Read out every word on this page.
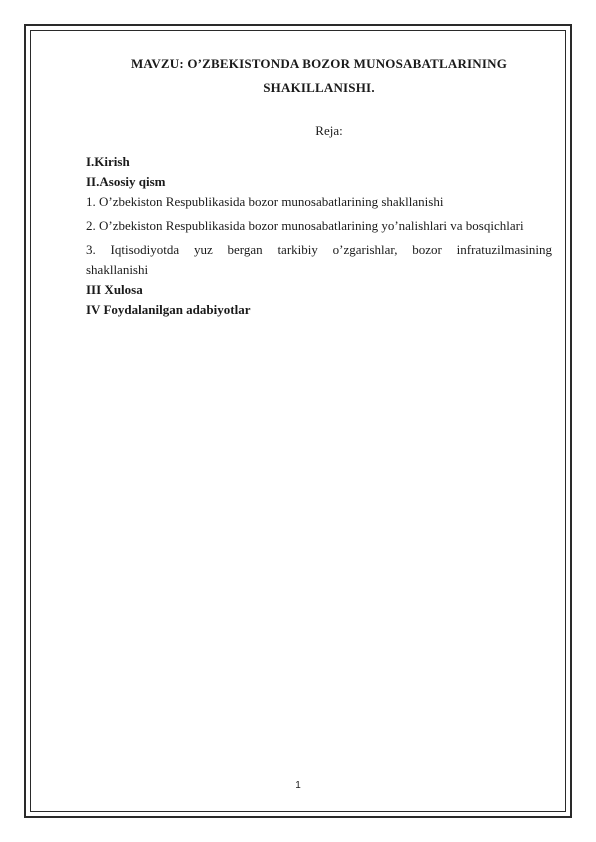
MAVZU: O’ZBEKISTONDA BOZOR MUNOSABATLARINING

SHAKILLANISHI.

Reja:

I.Kirish

II.Asosiy qism

1. O’zbekiston Respublikasida bozor munosabatlarining shakllanishi

2. O’zbekiston Respublikasida bozor munosabatlarining yo’nalishlari va bosqichlari

3. Iqtisodiyotda yuz bergan tarkibiy o’zgarishlar, bozor infratuzilmasining

shakllanishi

III Xulosa

IV Foydalanilgan adabiyotlar

1
